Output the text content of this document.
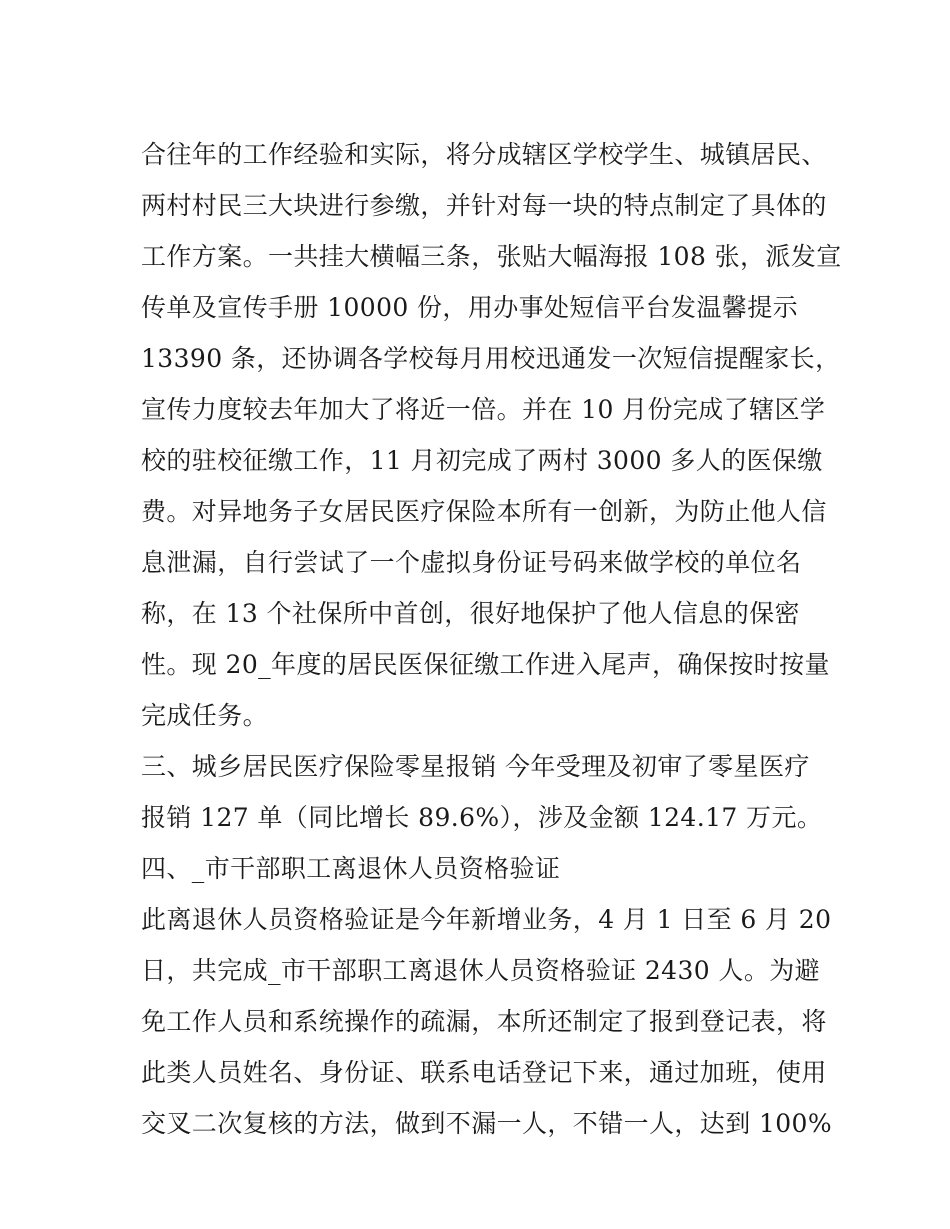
合往年的工作经验和实际，将分成辖区学校学生、城镇居民、
两村村民三大块进行参缴，并针对每一块的特点制定了具体的
工作方案。一共挂大横幅三条，张贴大幅海报 108 张，派发宣
传单及宣传手册 10000 份，用办事处短信平台发温馨提示
13390 条，还协调各学校每月用校迅通发一次短信提醒家长，
宣传力度较去年加大了将近一倍。并在 10 月份完成了辖区学
校的驻校征缴工作，11 月初完成了两村 3000 多人的医保缴
费。对异地务子女居民医疗保险本所有一创新，为防止他人信
息泄漏，自行尝试了一个虚拟身份证号码来做学校的单位名
称，在 13 个社保所中首创，很好地保护了他人信息的保密
性。现 20_年度的居民医保征缴工作进入尾声，确保按时按量
完成任务。
三、城乡居民医疗保险零星报销 今年受理及初审了零星医疗
报销 127 单（同比增长 89.6%），涉及金额 124.17 万元。
四、_市干部职工离退休人员资格验证
此离退休人员资格验证是今年新增业务，4 月 1 日至 6 月 20
日，共完成_市干部职工离退休人员资格验证 2430 人。为避
免工作人员和系统操作的疏漏，本所还制定了报到登记表，将
此类人员姓名、身份证、联系电话登记下来，通过加班，使用
交叉二次复核的方法，做到不漏一人，不错一人，达到 100%
